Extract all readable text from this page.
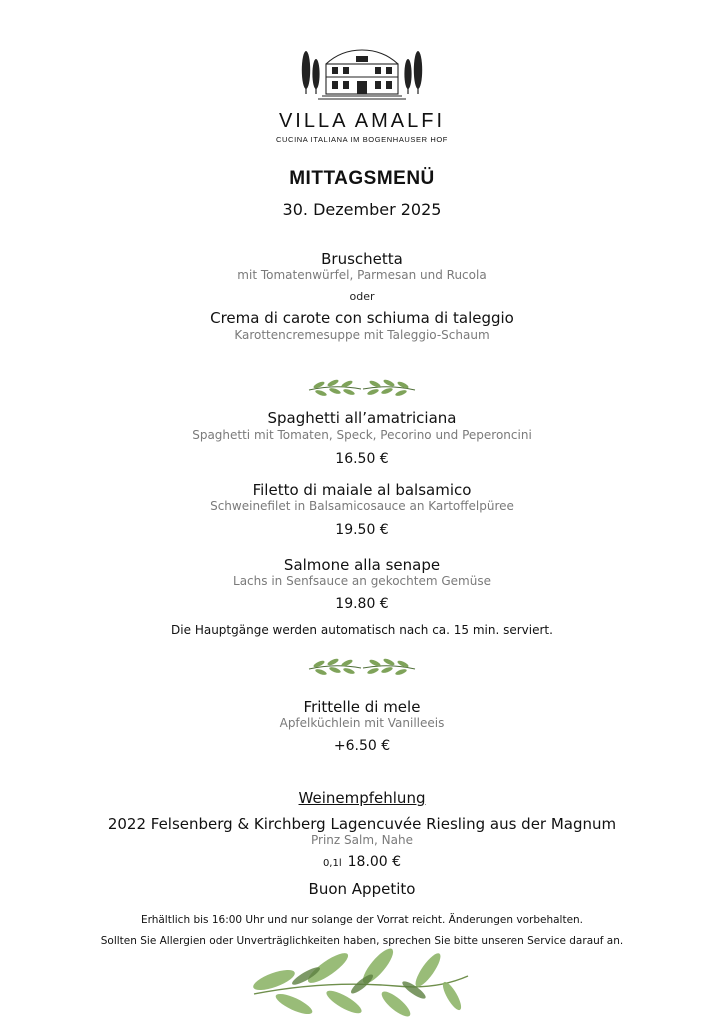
VILLA AMALFI
CUCINA ITALIANA IM BOGENHAUSER HOF
MITTAGSMENÜ
30. Dezember 2025
Bruschetta
mit Tomatenwürfel, Parmesan und Rucola
oder
Crema di carote con schiuma di taleggio
Karottencremesuppe mit Taleggio-Schaum
Spaghetti all’amatriciana
Spaghetti mit Tomaten, Speck, Pecorino und Peperoncini
16.50 €
Filetto di maiale al balsamico
Schweinefilet in Balsamicosauce an Kartoffelpüree
19.50 €
Salmone alla senape
Lachs in Senfsauce an gekochtem Gemüse
19.80 €
Die Hauptgänge werden automatisch nach ca. 15 min. serviert.
Frittelle di mele
Apfelküchlein mit Vanilleeis
+6.50 €
Weinempfehlung
2022 Felsenberg & Kirchberg Lagencuvée Riesling aus der Magnum
Prinz Salm, Nahe
0,1l 18.00 €
Buon Appetito
Erhältlich bis 16:00 Uhr und nur solange der Vorrat reicht. Änderungen vorbehalten.
Sollten Sie Allergien oder Unverträglichkeiten haben, sprechen Sie bitte unseren Service darauf an.
